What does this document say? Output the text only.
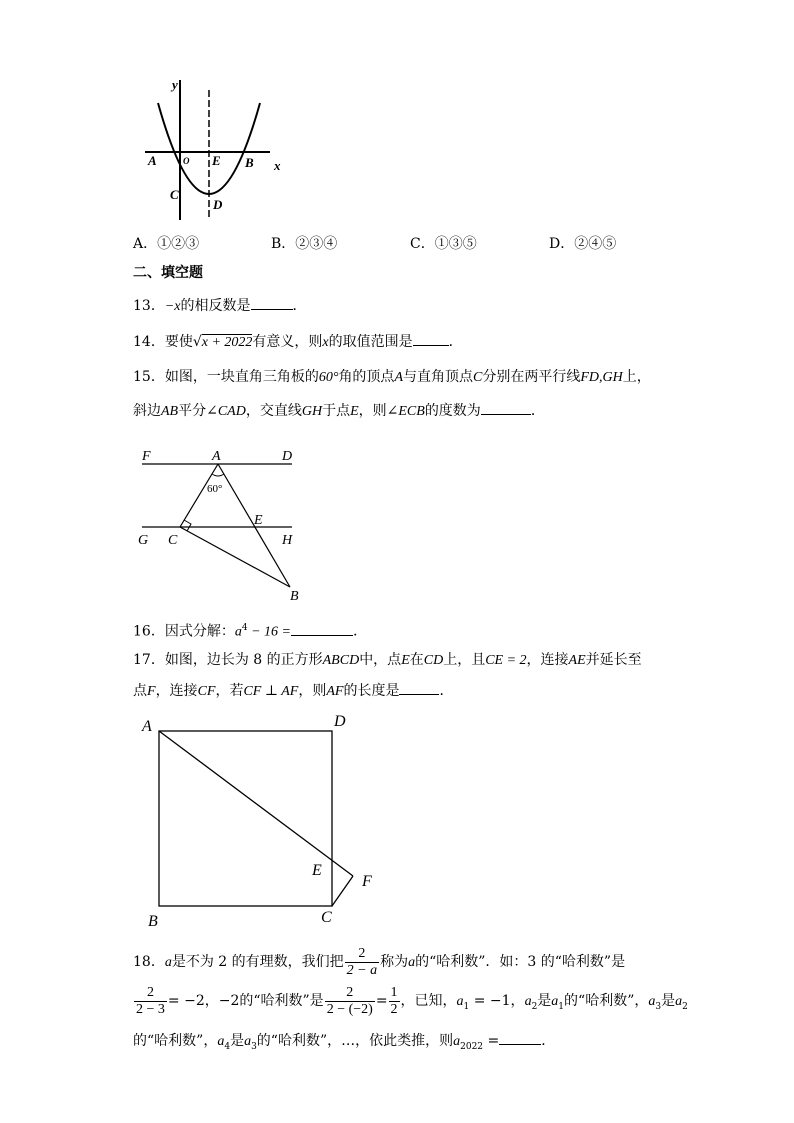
y
x
A	O E B
C
D
A．①②③	B．②③④	C．①③⑤	D．②④⑤
二、填空题
13．−x的相反数是	．
14．要使√x + 2022有意义，则x的取值范围是	．
15．如图，一块直角三角板的60°角的顶点A与直角顶点C分别在两平行线FD,GH上，
斜边AB平分∠CAD，交直线GH于点E，则∠ECB的度数为	．
F	A	D
60°
E
G C	H
B
16．因式分解：$a^4 - 16$ =	.
17．如图，边长为 8 的正方形ABCD中，点E在CD上，且CE = 2，连接AE并延长至
点F，连接CF，若CF ⊥ AF，则AF的长度是	．
A	D
E
F
B	C
18．a是不为 2 的有理数，我们把 $\frac{2}{2 - a}$ 称为a的“哈利数”．如：3 的“哈利数”是
$\frac{2}{2 - 3} = -2$，−2的“哈利数”是 $\frac{2}{2 - (-2)} = \frac{1}{2}$ ，已知，$a_1 = -1$，$a_2$是$a_1$的“哈利数”，$a_3$是$a_2$
的“哈利数”，$a_4$是$a_3$的“哈利数”，…，依此类推，则$a_{2022}$ =	．
